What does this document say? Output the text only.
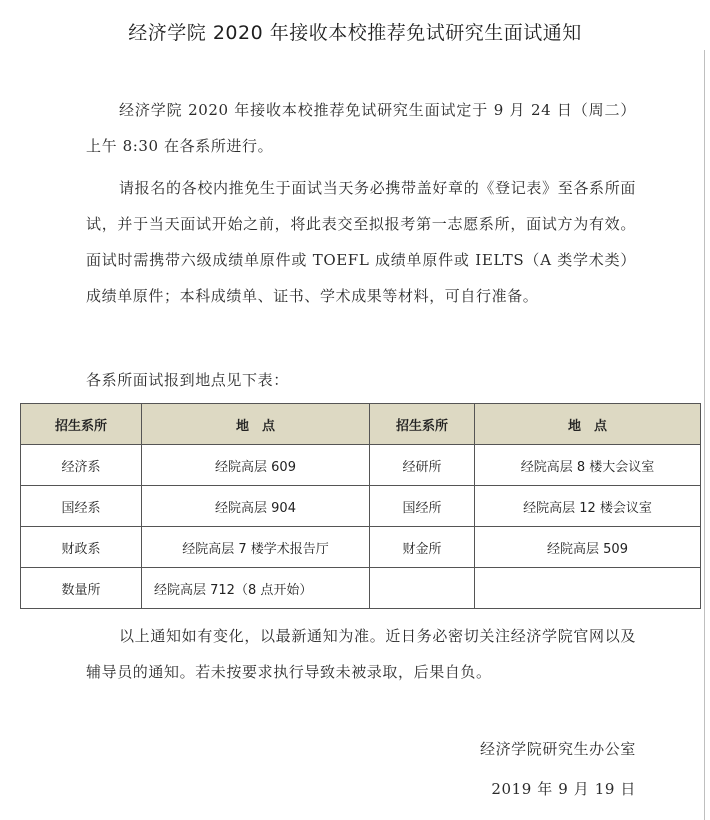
经济学院 2020 年接收本校推荐免试研究生面试通知
经济学院 2020 年接收本校推荐免试研究生面试定于 9 月 24 日（周二）上午 8:30 在各系所进行。
请报名的各校内推免生于面试当天务必携带盖好章的《登记表》至各系所面试，并于当天面试开始之前，将此表交至拟报考第一志愿系所，面试方为有效。面试时需携带六级成绩单原件或 TOEFL 成绩单原件或 IELTS（A 类学术类）成绩单原件；本科成绩单、证书、学术成果等材料，可自行准备。
各系所面试报到地点见下表：
招生系所	地　点	招生系所	地　点
经济系	经院高层 609	经研所	经院高层 8 楼大会议室
国经系	经院高层 904	国经所	经院高层 12 楼会议室
财政系	经院高层 7 楼学术报告厅	财金所	经院高层 509
数量所	经院高层 712（8 点开始）		
以上通知如有变化，以最新通知为准。近日务必密切关注经济学院官网以及辅导员的通知。若未按要求执行导致未被录取，后果自负。
经济学院研究生办公室
2019 年 9 月 19 日
